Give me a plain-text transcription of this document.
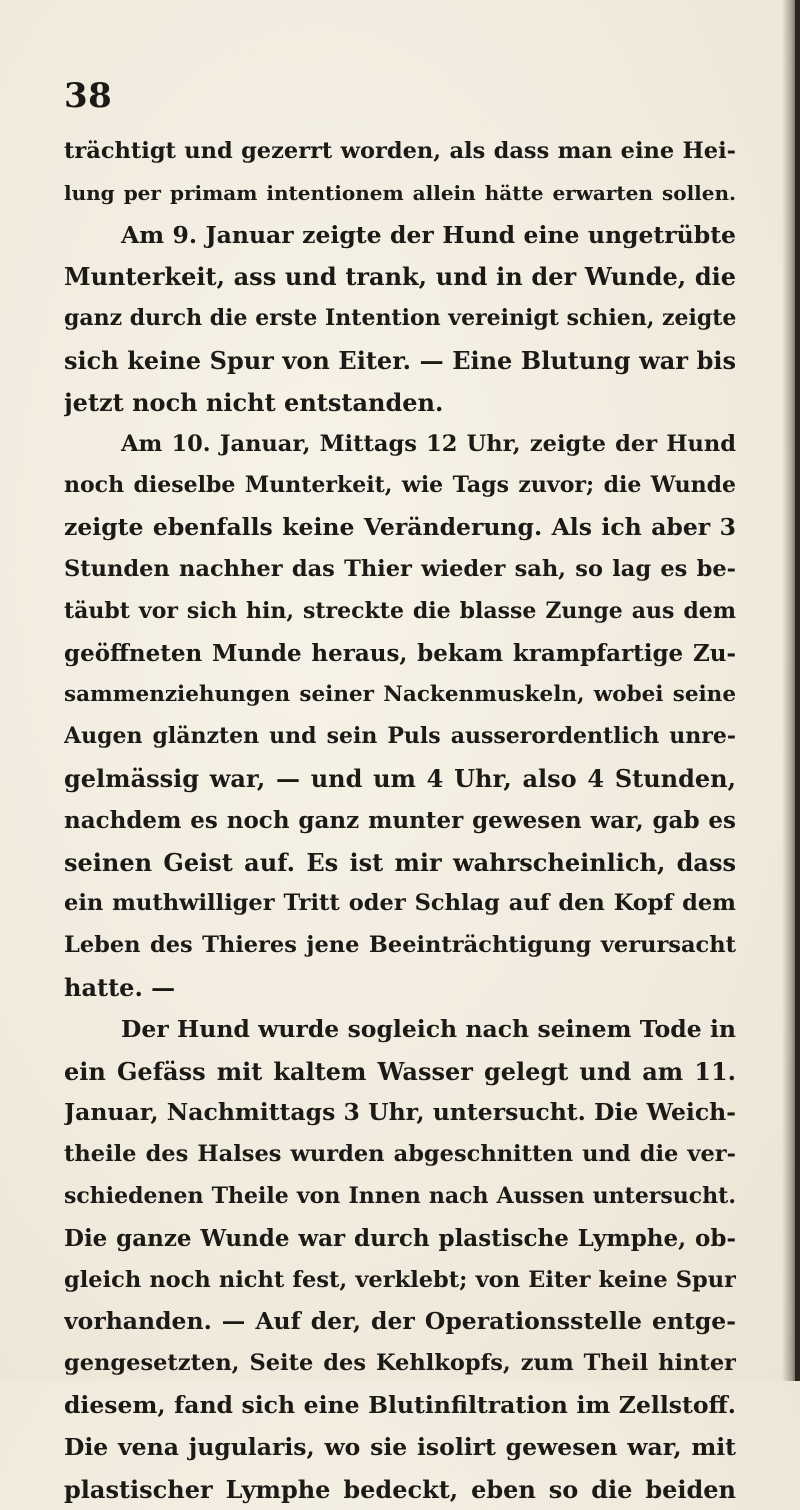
38
trächtigt und gezerrt worden, als dass man eine Hei-
lung per primam intentionem allein hätte erwarten sollen.
Am 9. Januar zeigte der Hund eine ungetrübte
Munterkeit, ass und trank, und in der Wunde, die
ganz durch die erste Intention vereinigt schien, zeigte
sich keine Spur von Eiter. — Eine Blutung war bis
jetzt noch nicht entstanden.
Am 10. Januar, Mittags 12 Uhr, zeigte der Hund
noch dieselbe Munterkeit, wie Tags zuvor; die Wunde
zeigte ebenfalls keine Veränderung. Als ich aber 3
Stunden nachher das Thier wieder sah, so lag es be-
täubt vor sich hin, streckte die blasse Zunge aus dem
geöffneten Munde heraus, bekam krampfartige Zu-
sammenziehungen seiner Nackenmuskeln, wobei seine
Augen glänzten und sein Puls ausserordentlich unre-
gelmässig war, — und um 4 Uhr, also 4 Stunden,
nachdem es noch ganz munter gewesen war, gab es
seinen Geist auf. Es ist mir wahrscheinlich, dass
ein muthwilliger Tritt oder Schlag auf den Kopf dem
Leben des Thieres jene Beeinträchtigung verursacht
hatte. —
Der Hund wurde sogleich nach seinem Tode in
ein Gefäss mit kaltem Wasser gelegt und am 11.
Januar, Nachmittags 3 Uhr, untersucht. Die Weich-
theile des Halses wurden abgeschnitten und die ver-
schiedenen Theile von Innen nach Aussen untersucht.
Die ganze Wunde war durch plastische Lymphe, ob-
gleich noch nicht fest, verklebt; von Eiter keine Spur
vorhanden. — Auf der, der Operationsstelle entge-
gengesetzten, Seite des Kehlkopfs, zum Theil hinter
diesem, fand sich eine Blutinfiltration im Zellstoff.
Die vena jugularis, wo sie isolirt gewesen war, mit
plastischer Lymphe bedeckt, eben so die beiden
